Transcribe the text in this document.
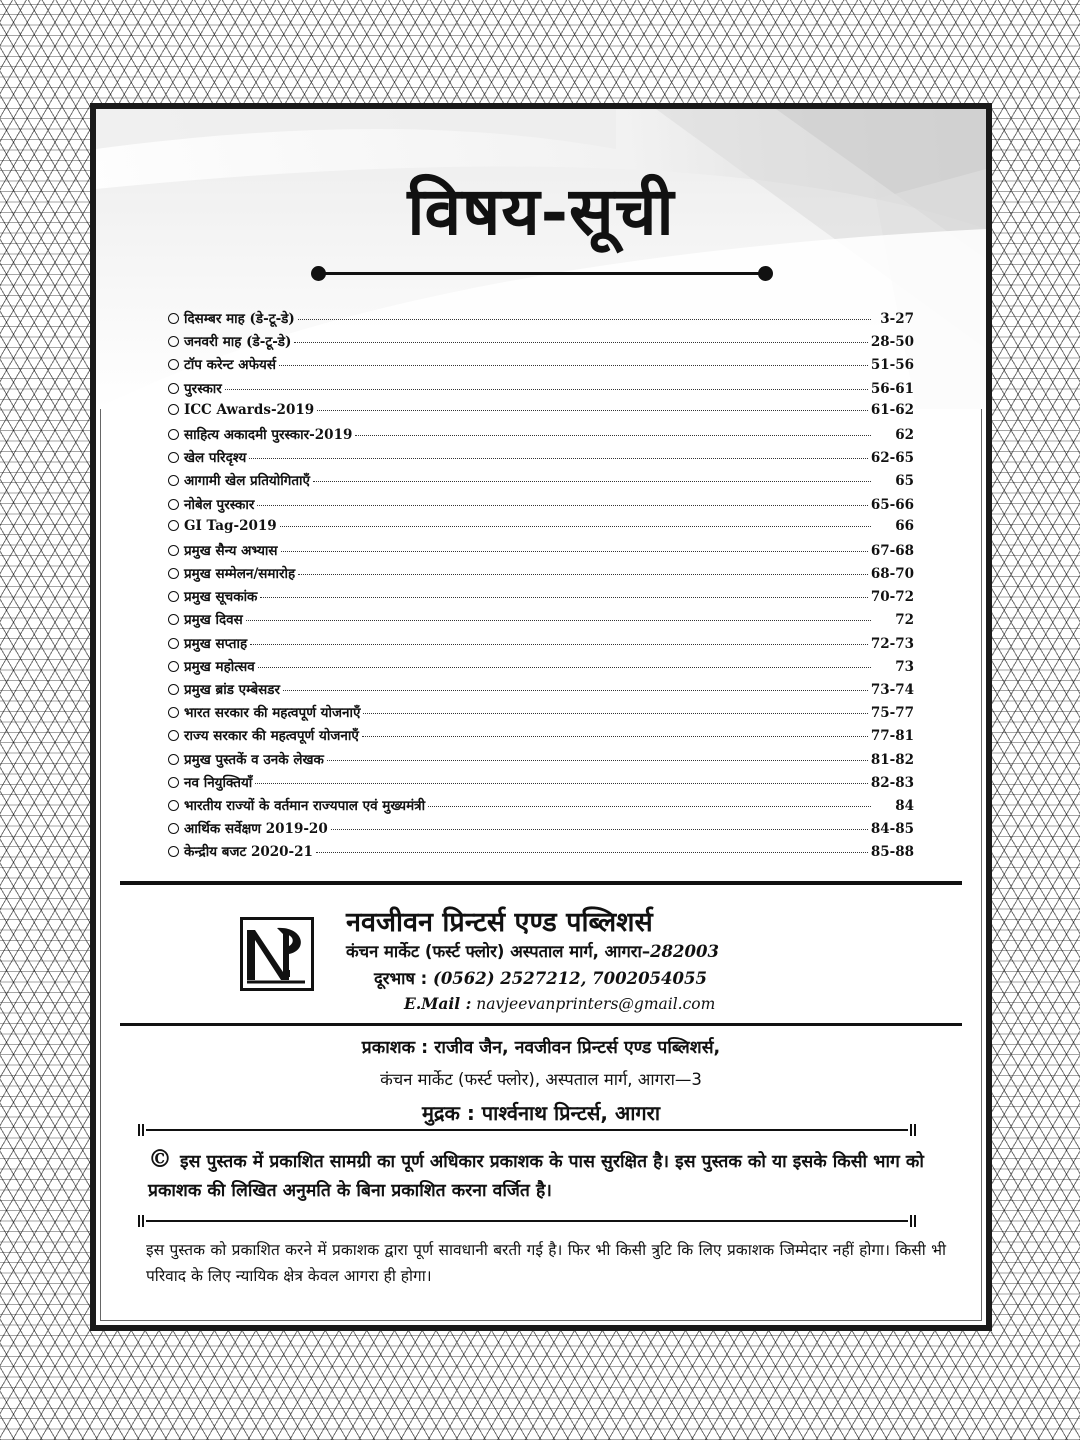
विषय-सूची
दिसम्बर माह (डे-टू-डे)	3-27
जनवरी माह (डे-टू-डे)	28-50
टॉप करेन्ट अफेयर्स	51-56
पुरस्कार	56-61
ICC Awards-2019	61-62
साहित्य अकादमी पुरस्कार-2019	62
खेल परिदृश्य	62-65
आगामी खेल प्रतियोगिताएँ	65
नोबेल पुरस्कार	65-66
GI Tag-2019	66
प्रमुख सैन्य अभ्यास	67-68
प्रमुख सम्मेलन/समारोह	68-70
प्रमुख सूचकांक	70-72
प्रमुख दिवस	72
प्रमुख सप्ताह	72-73
प्रमुख महोत्सव	73
प्रमुख ब्रांड एम्बेसडर	73-74
भारत सरकार की महत्वपूर्ण योजनाएँ	75-77
राज्य सरकार की महत्वपूर्ण योजनाएँ	77-81
प्रमुख पुस्तकें व उनके लेखक	81-82
नव नियुक्तियाँ	82-83
भारतीय राज्यों के वर्तमान राज्यपाल एवं मुख्यमंत्री	84
आर्थिक सर्वेक्षण 2019-20	84-85
केन्द्रीय बजट 2020-21	85-88
नवजीवन प्रिन्टर्स एण्ड पब्लिशर्स
कंचन मार्केट (फर्स्ट फ्लोर) अस्पताल मार्ग, आगरा–282003
दूरभाष : (0562) 2527212, 7002054055
E.Mail : navjeevanprinters@gmail.com
प्रकाशक : राजीव जैन, नवजीवन प्रिन्टर्स एण्ड पब्लिशर्स,
कंचन मार्केट (फर्स्ट फ्लोर), अस्पताल मार्ग, आगरा—3
मुद्रक : पार्श्वनाथ प्रिन्टर्स, आगरा
© इस पुस्तक में प्रकाशित सामग्री का पूर्ण अधिकार प्रकाशक के पास सुरक्षित है। इस पुस्तक को या इसके किसी भाग को प्रकाशक की लिखित अनुमति के बिना प्रकाशित करना वर्जित है।
इस पुस्तक को प्रकाशित करने में प्रकाशक द्वारा पूर्ण सावधानी बरती गई है। फिर भी किसी त्रुटि कि लिए प्रकाशक जिम्मेदार नहीं होगा। किसी भी परिवाद के लिए न्यायिक क्षेत्र केवल आगरा ही होगा।
